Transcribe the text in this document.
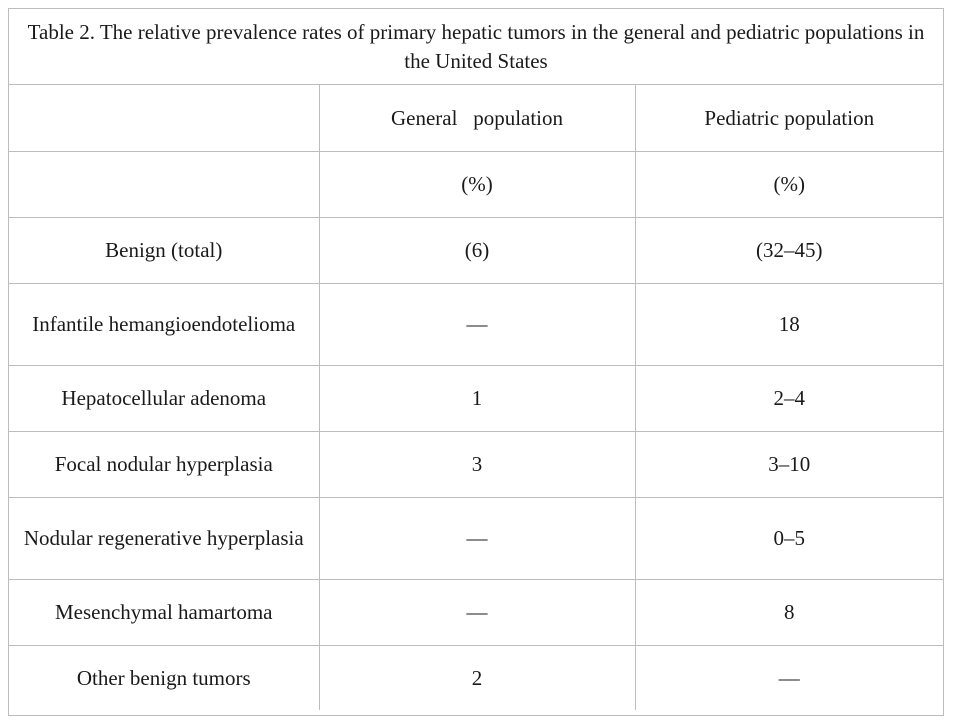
Table 2. The relative prevalence rates of primary hepatic tumors in the general and pediatric populations in the United States
	General   population	Pediatric population
	(%)	(%)
Benign (total)	(6)	(32–45)
Infantile hemangioendotelioma	—	18
Hepatocellular adenoma	1	2–4
Focal nodular hyperplasia	3	3–10
Nodular regenerative hyperplasia	—	0–5
Mesenchymal hamartoma	—	8
Other benign tumors	2	—
